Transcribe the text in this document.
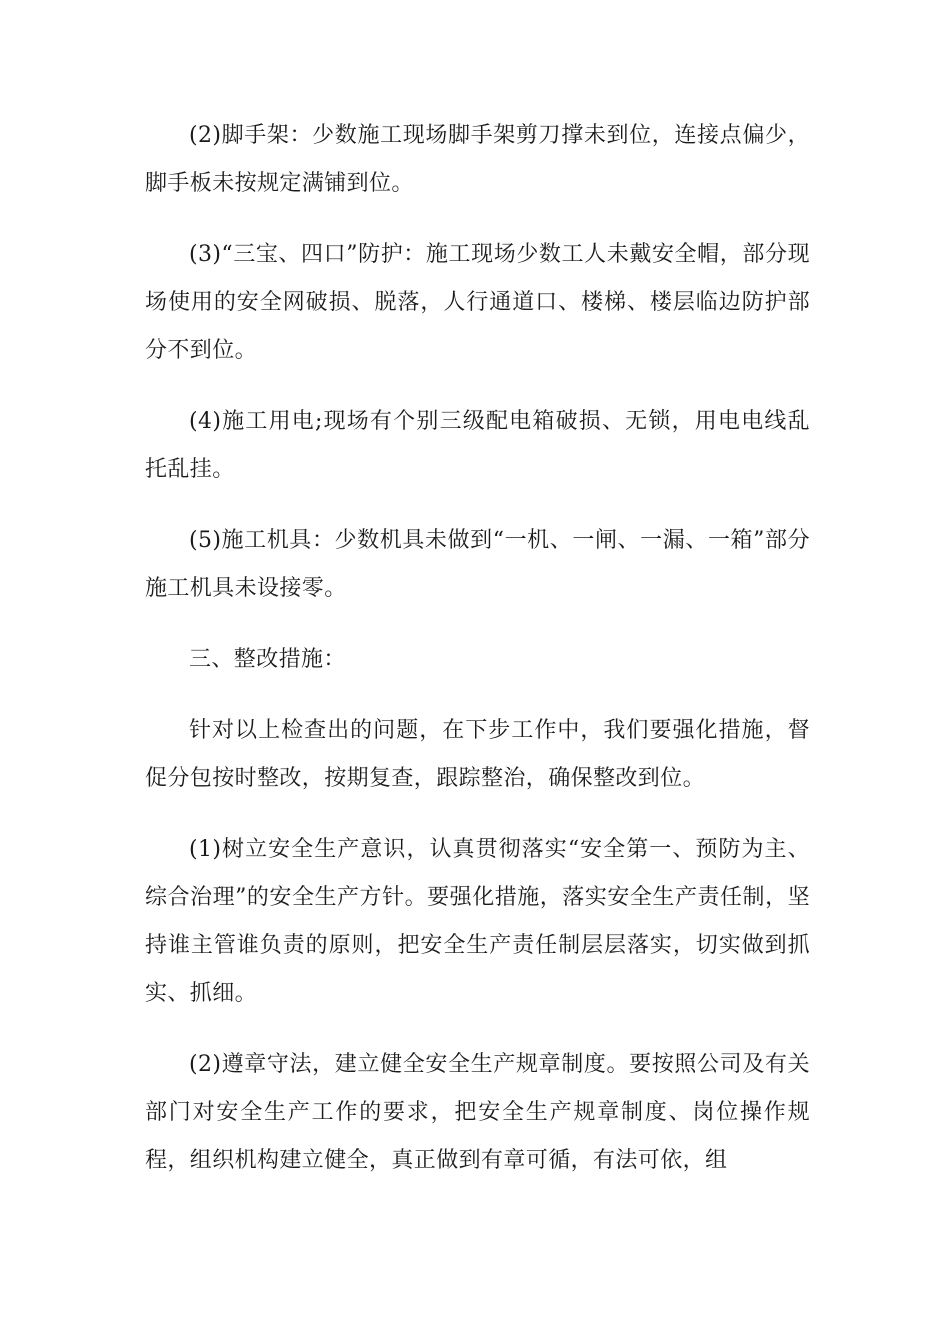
(2)脚手架：少数施工现场脚手架剪刀撑未到位，连接点偏少，脚手板未按规定满铺到位。

(3)“三宝、四口”防护：施工现场少数工人未戴安全帽，部分现场使用的安全网破损、脱落，人行通道口、楼梯、楼层临边防护部分不到位。

(4)施工用电;现场有个别三级配电箱破损、无锁，用电电线乱托乱挂。

(5)施工机具：少数机具未做到“一机、一闸、一漏、一箱”部分施工机具未设接零。

三、整改措施：

针对以上检查出的问题，在下步工作中，我们要强化措施，督促分包按时整改，按期复查，跟踪整治，确保整改到位。

(1)树立安全生产意识，认真贯彻落实“安全第一、预防为主、综合治理”的安全生产方针。要强化措施，落实安全生产责任制，坚持谁主管谁负责的原则，把安全生产责任制层层落实，切实做到抓实、抓细。

(2)遵章守法，建立健全安全生产规章制度。要按照公司及有关部门对安全生产工作的要求，把安全生产规章制度、岗位操作规程，组织机构建立健全，真正做到有章可循，有法可依，组
